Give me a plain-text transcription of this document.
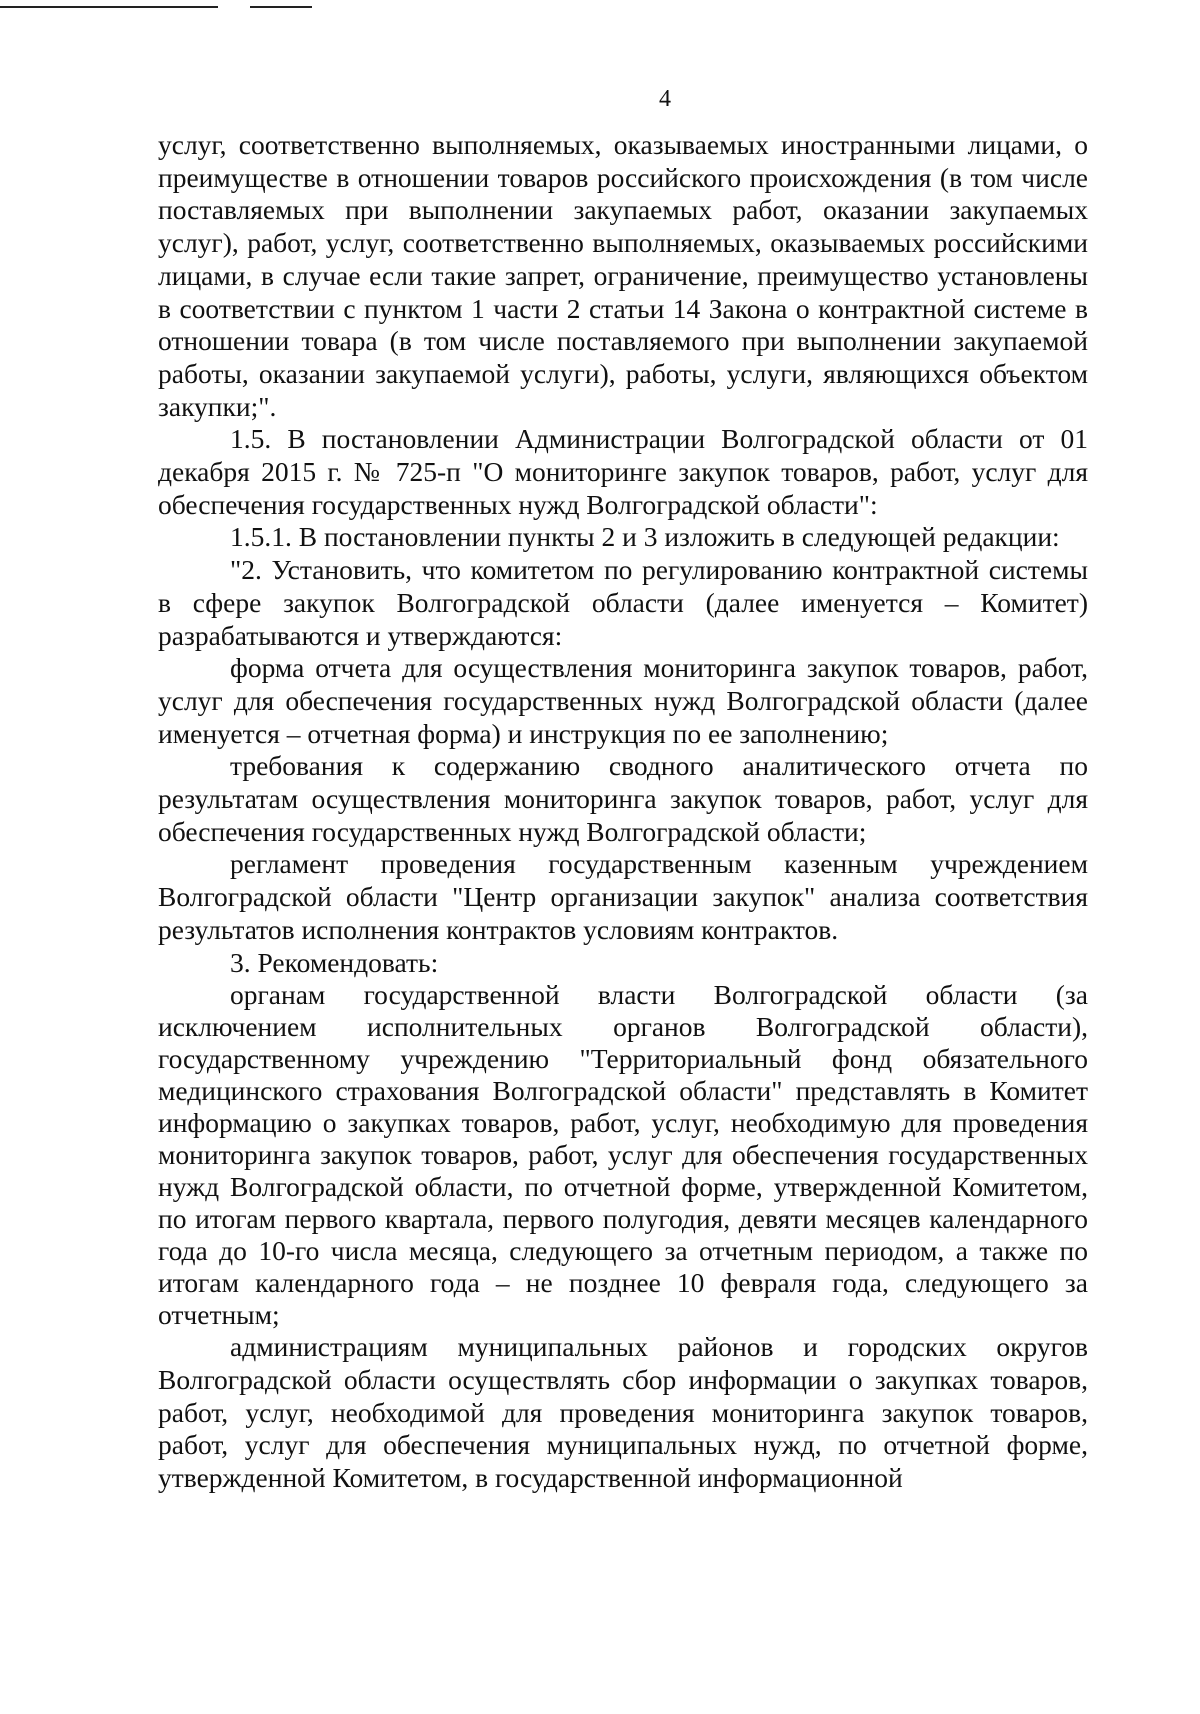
4

услуг, соответственно выполняемых, оказываемых иностранными лицами, о преимуществе в отношении товаров российского происхождения (в том числе поставляемых при выполнении закупаемых работ, оказании закупаемых услуг), работ, услуг, соответственно выполняемых, оказываемых российскими лицами, в случае если такие запрет, ограничение, преимущество установлены в соответствии с пунктом 1 части 2 статьи 14 Закона о контрактной системе в отношении товара (в том числе поставляемого при выполнении закупаемой работы, оказании закупаемой услуги), работы, услуги, являющихся объектом закупки;".

1.5. В постановлении Администрации Волгоградской области от 01 декабря 2015 г. № 725-п "О мониторинге закупок товаров, работ, услуг для обеспечения государственных нужд Волгоградской области":

1.5.1. В постановлении пункты 2 и 3 изложить в следующей редакции:

"2. Установить, что комитетом по регулированию контрактной системы в сфере закупок Волгоградской области (далее именуется – Комитет) разрабатываются и утверждаются:

форма отчета для осуществления мониторинга закупок товаров, работ, услуг для обеспечения государственных нужд Волгоградской области (далее именуется – отчетная форма) и инструкция по ее заполнению;

требования к содержанию сводного аналитического отчета по результатам осуществления мониторинга закупок товаров, работ, услуг для обеспечения государственных нужд Волгоградской области;

регламент проведения государственным казенным учреждением Волгоградской области "Центр организации закупок" анализа соответствия результатов исполнения контрактов условиям контрактов.

3. Рекомендовать:

органам государственной власти Волгоградской области (за исключением исполнительных органов Волгоградской области), государственному учреждению "Территориальный фонд обязательного медицинского страхования Волгоградской области" представлять в Комитет информацию о закупках товаров, работ, услуг, необходимую для проведения мониторинга закупок товаров, работ, услуг для обеспечения государственных нужд Волгоградской области, по отчетной форме, утвержденной Комитетом, по итогам первого квартала, первого полугодия, девяти месяцев календарного года до 10-го числа месяца, следующего за отчетным периодом, а также по итогам календарного года – не позднее 10 февраля года, следующего за отчетным;

администрациям муниципальных районов и городских округов Волгоградской области осуществлять сбор информации о закупках товаров, работ, услуг, необходимой для проведения мониторинга закупок товаров, работ, услуг для обеспечения муниципальных нужд, по отчетной форме, утвержденной Комитетом, в государственной информационной
